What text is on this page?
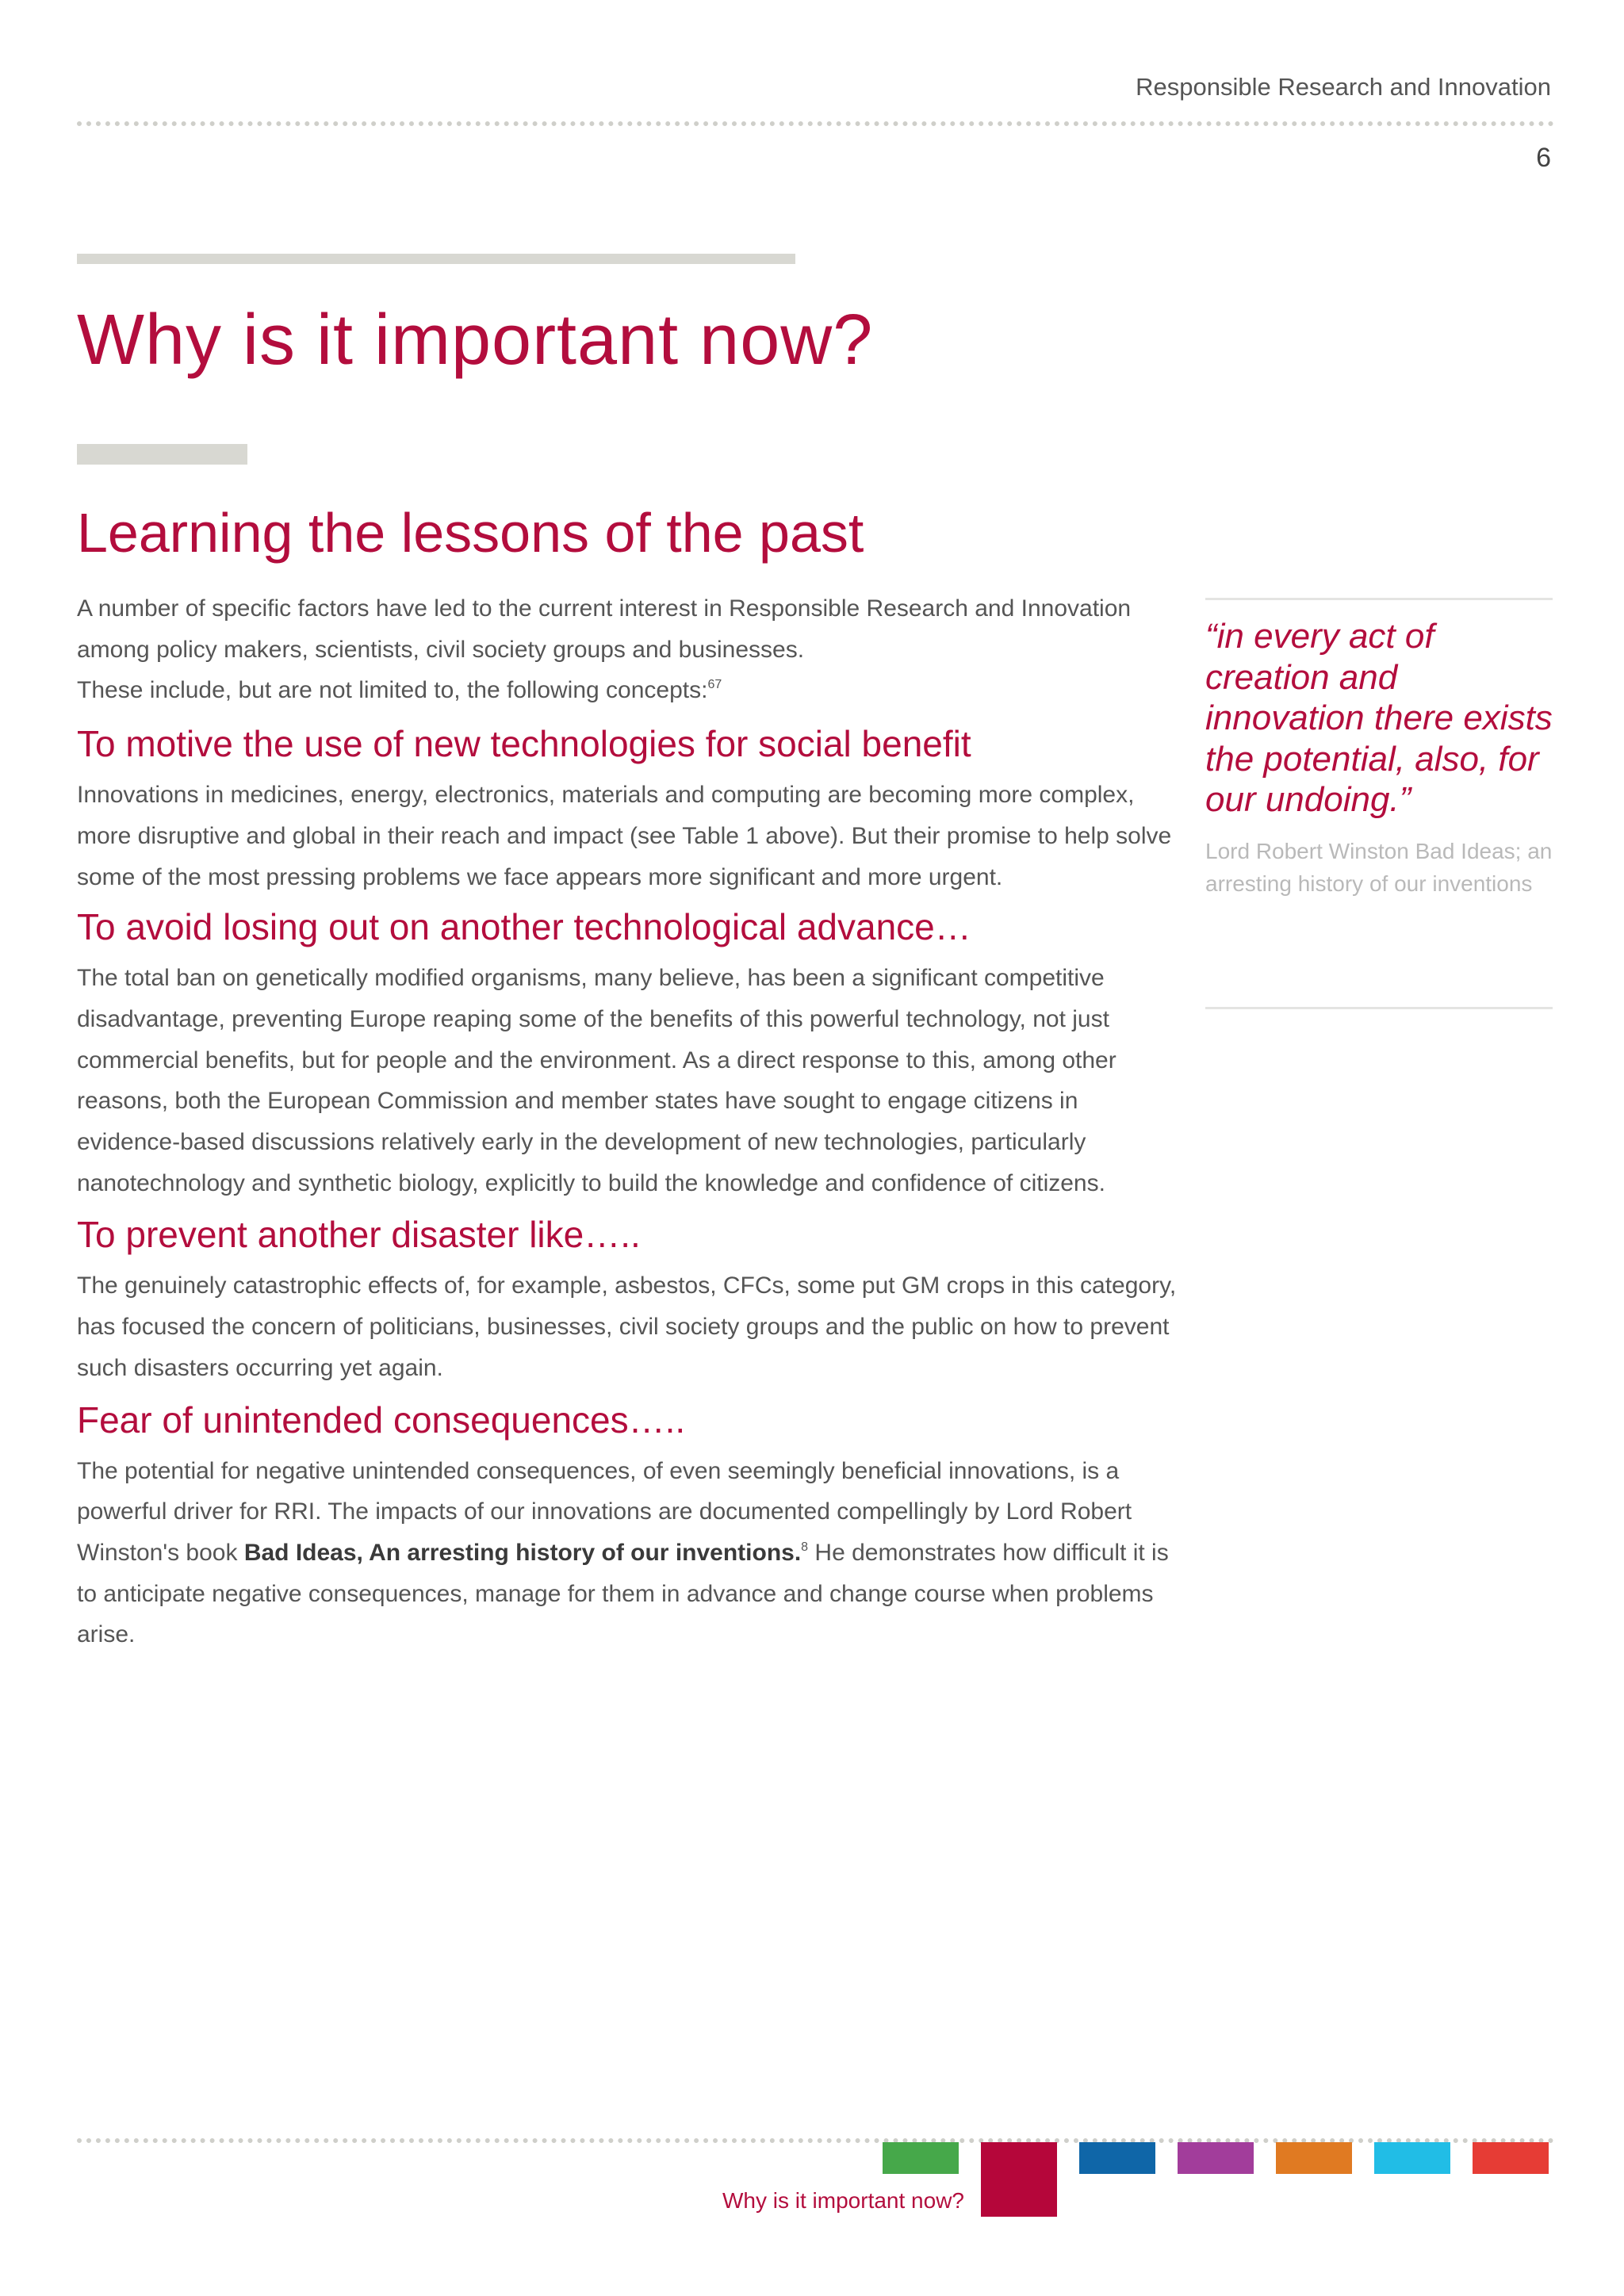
Responsible Research and Innovation
6
Why is it important now?
Learning the lessons of the past

A number of specific factors have led to the current interest in Responsible Research and Innovation among policy makers, scientists, civil society groups and businesses.
These include, but are not limited to, the following concepts:$^{67}$

To motive the use of new technologies for social benefit

Innovations in medicines, energy, electronics, materials and computing are becoming more complex, more disruptive and global in their reach and impact (see Table 1 above). But their promise to help solve some of the most pressing problems we face appears more significant and more urgent.

To avoid losing out on another technological advance…

The total ban on genetically modified organisms, many believe, has been a significant competitive disadvantage, preventing Europe reaping some of the benefits of this powerful technology, not just commercial benefits, but for people and the environment. As a direct response to this, among other reasons, both the European Commission and member states have sought to engage citizens in evidence-based discussions relatively early in the development of new technologies, particularly nanotechnology and synthetic biology, explicitly to build the knowledge and confidence of citizens.

To prevent another disaster like…..

The genuinely catastrophic effects of, for example, asbestos, CFCs, some put GM crops in this category, has focused the concern of politicians, businesses, civil society groups and the public on how to prevent such disasters occurring yet again.

Fear of unintended consequences…..

The potential for negative unintended consequences, of even seemingly beneficial innovations, is a powerful driver for RRI. The impacts of our innovations are documented compellingly by Lord Robert Winston's book Bad Ideas, An arresting history of our inventions.$^8$ He demonstrates how difficult it is to anticipate negative consequences, manage for them in advance and change course when problems arise.

“in every act of creation and innovation there exists the potential, also, for our undoing.”

Lord Robert Winston Bad Ideas; an arresting history of our inventions

Why is it important now?
